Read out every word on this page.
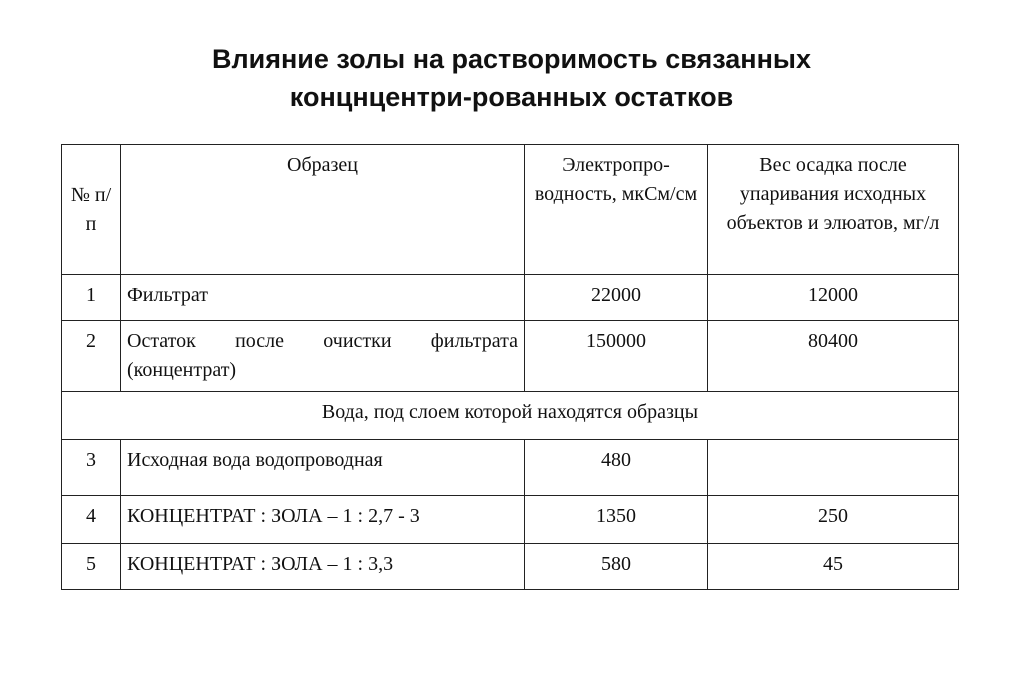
Влияние золы на растворимость связанных
концнцентри-рованных остатков
№ п/п	Образец	Электропро-водность, мкСм/см	Вес осадка после упаривания исходных объектов и элюатов, мг/л
1	Фильтрат	22000	12000
2	Остаток после очистки фильтрата (концентрат)	150000	80400
Вода, под слоем которой находятся образцы			
3	Исходная вода водопроводная	480	
4	КОНЦЕНТРАТ : ЗОЛА – 1 : 2,7 - 3	1350	250
5	КОНЦЕНТРАТ : ЗОЛА – 1 : 3,3	580	45
